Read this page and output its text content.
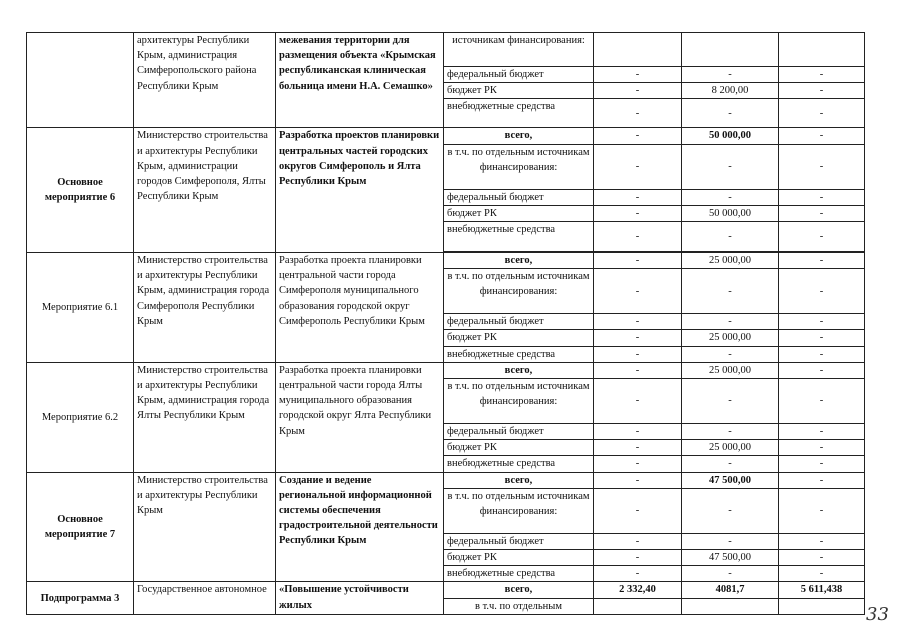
	архитектуры Республики Крым, администрация Симферопольского района Республики Крым	межевания территории для размещения объекта «Крымская республиканская клиническая больница имени Н.А. Семашко»	источникам финансирования:			
			федеральный бюджет	-	-	-
			бюджет РК	-	8 200,00	-
			внебюджетные средства	-	-	-
Основное мероприятие 6	Министерство строительства и архитектуры Республики Крым, администрации городов Симферополя, Ялты Республики Крым	Разработка проектов планировки центральных частей городских округов Симферополь и Ялта Республики Крым	всего,	-	50 000,00	-
			в т.ч. по отдельным источникам финансирования:	-	-	-
			федеральный бюджет	-	-	-
			бюджет РК	-	50 000,00	-
			внебюджетные средства	-	-	-

Мероприятие 6.1	Министерство строительства и архитектуры Республики Крым, администрация города Симферополя Республики Крым	Разработка проекта планировки центральной части города Симферополя муниципального образования городской округ Симферополь Республики Крым	всего,	-	25 000,00	-
			в т.ч. по отдельным источникам финансирования:	-	-	-
			федеральный бюджет	-	-	-
			бюджет РК	-	25 000,00	-
			внебюджетные средства	-	-	-
Мероприятие 6.2	Министерство строительства и архитектуры Республики Крым, администрация города Ялты Республики Крым	Разработка проекта планировки центральной части города Ялты муниципального образования городской округ Ялта Республики Крым	всего,	-	25 000,00	-
			в т.ч. по отдельным источникам финансирования:	-	-	-
			федеральный бюджет	-	-	-
			бюджет РК	-	25 000,00	-
			внебюджетные средства	-	-	-
Основное мероприятие 7	Министерство строительства и архитектуры Республики Крым	Создание и ведение региональной информационной системы обеспечения градостроительной деятельности Республики Крым	всего,	-	47 500,00	-
			в т.ч. по отдельным источникам финансирования:	-	-	-
			федеральный бюджет	-	-	-
			бюджет РК	-	47 500,00	-
			внебюджетные средства	-	-	-
Подпрограмма 3	Государственное автономное	«Повышение устойчивости жилых	всего,	2 332,40	4081,7	5 611,438
			в т.ч. по отдельным				33
